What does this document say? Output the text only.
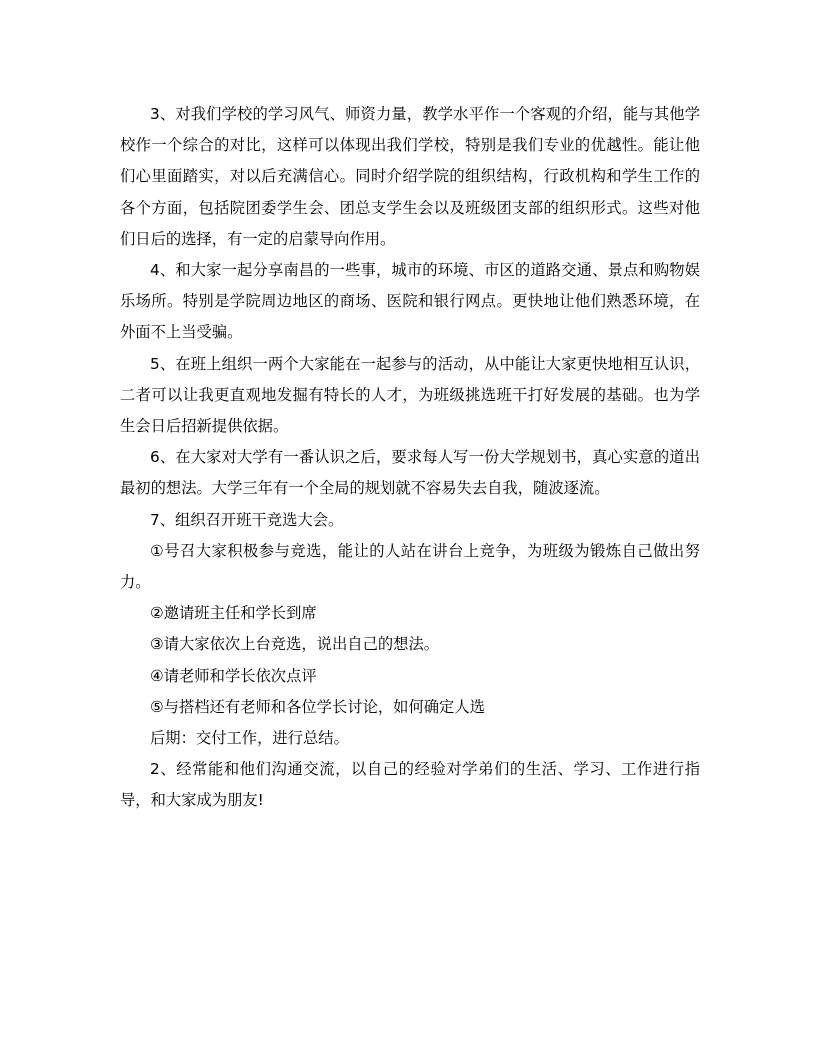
3、对我们学校的学习风气、师资力量，教学水平作一个客观的介绍，能与其他学校作一个综合的对比，这样可以体现出我们学校，特别是我们专业的优越性。能让他们心里面踏实，对以后充满信心。同时介绍学院的组织结构，行政机构和学生工作的各个方面，包括院团委学生会、团总支学生会以及班级团支部的组织形式。这些对他们日后的选择，有一定的启蒙导向作用。

4、和大家一起分享南昌的一些事，城市的环境、市区的道路交通、景点和购物娱乐场所。特别是学院周边地区的商场、医院和银行网点。更快地让他们熟悉环境，在外面不上当受骗。

5、在班上组织一两个大家能在一起参与的活动，从中能让大家更快地相互认识，二者可以让我更直观地发掘有特长的人才，为班级挑选班干打好发展的基础。也为学生会日后招新提供依据。

6、在大家对大学有一番认识之后，要求每人写一份大学规划书，真心实意的道出最初的想法。大学三年有一个全局的规划就不容易失去自我，随波逐流。

7、组织召开班干竞选大会。

①号召大家积极参与竞选，能让的人站在讲台上竞争，为班级为锻炼自己做出努力。

②邀请班主任和学长到席

③请大家依次上台竞选，说出自己的想法。

④请老师和学长依次点评

⑤与搭档还有老师和各位学长讨论，如何确定人选

后期：交付工作，进行总结。

2、经常能和他们沟通交流，以自己的经验对学弟们的生活、学习、工作进行指导，和大家成为朋友!
